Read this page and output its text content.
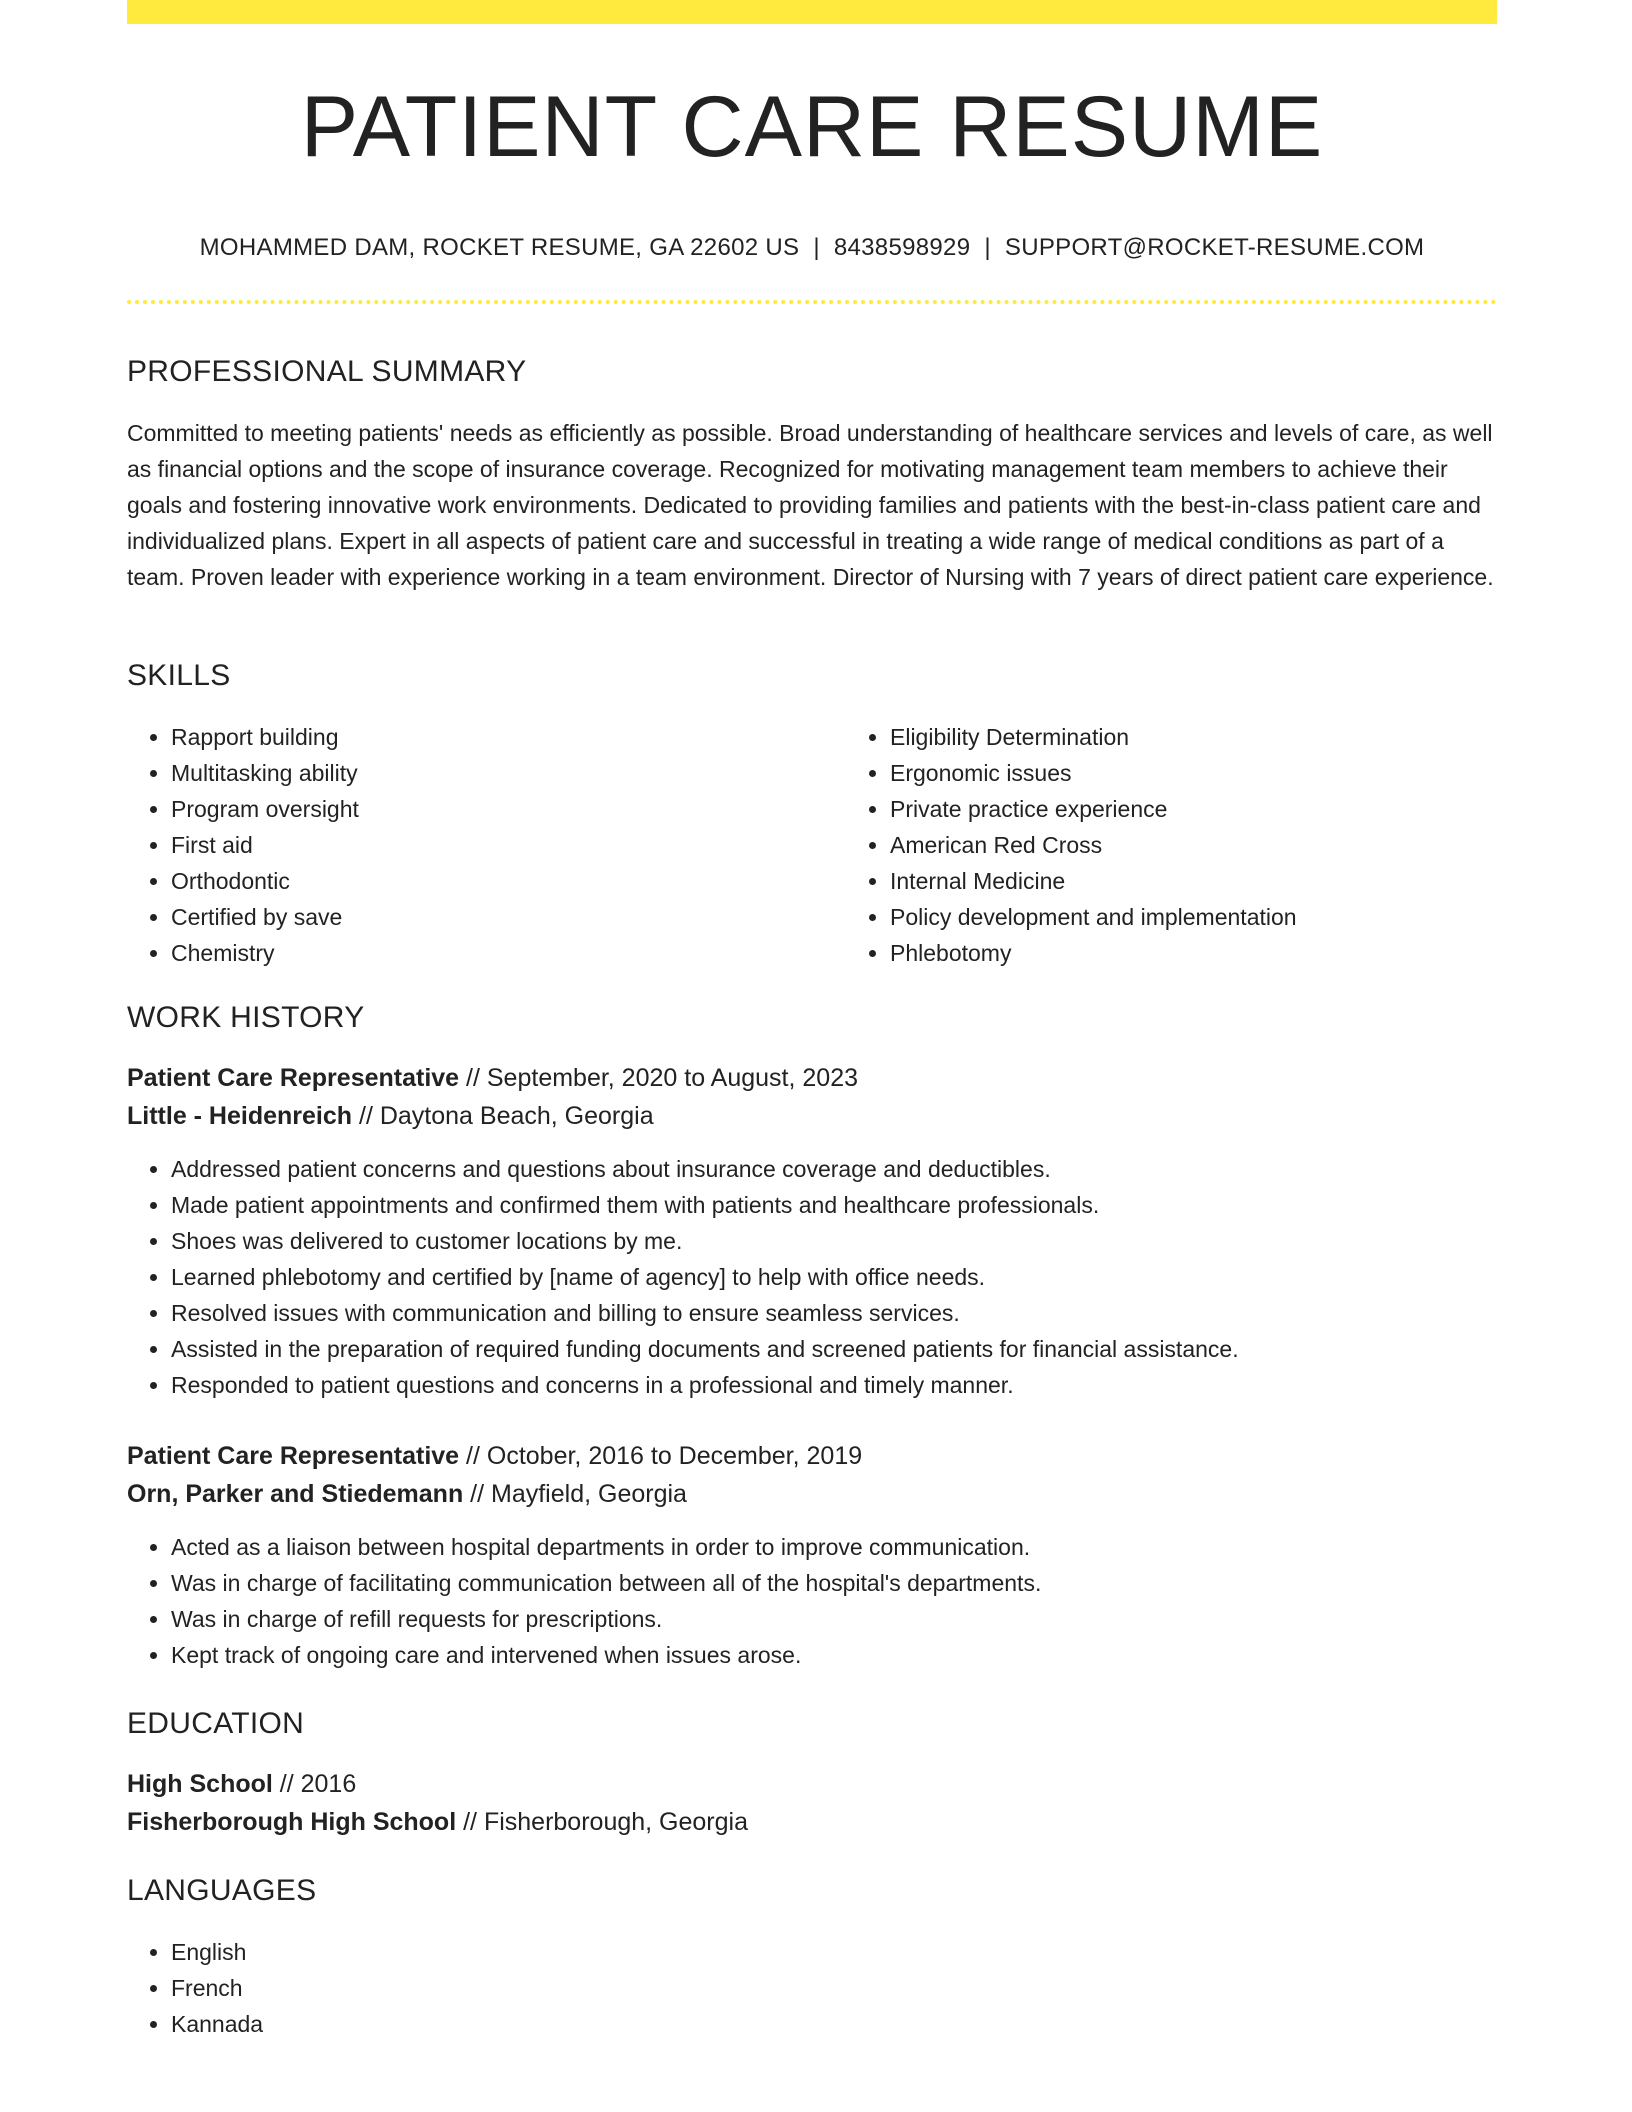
PATIENT CARE RESUME
MOHAMMED DAM, ROCKET RESUME, GA 22602 US | 8438598929 | SUPPORT@ROCKET-RESUME.COM
PROFESSIONAL SUMMARY

Committed to meeting patients' needs as efficiently as possible. Broad understanding of healthcare services and levels of care, as well as financial options and the scope of insurance coverage. Recognized for motivating management team members to achieve their goals and fostering innovative work environments. Dedicated to providing families and patients with the best-in-class patient care and individualized plans. Expert in all aspects of patient care and successful in treating a wide range of medical conditions as part of a team. Proven leader with experience working in a team environment. Director of Nursing with 7 years of direct patient care experience.

SKILLS
• Rapport building
• Multitasking ability
• Program oversight
• First aid
• Orthodontic
• Certified by save
• Chemistry
• Eligibility Determination
• Ergonomic issues
• Private practice experience
• American Red Cross
• Internal Medicine
• Policy development and implementation
• Phlebotomy
WORK HISTORY
Patient Care Representative // September, 2020 to August, 2023
Little - Heidenreich // Daytona Beach, Georgia
• Addressed patient concerns and questions about insurance coverage and deductibles.
• Made patient appointments and confirmed them with patients and healthcare professionals.
• Shoes was delivered to customer locations by me.
• Learned phlebotomy and certified by [name of agency] to help with office needs.
• Resolved issues with communication and billing to ensure seamless services.
• Assisted in the preparation of required funding documents and screened patients for financial assistance.
• Responded to patient questions and concerns in a professional and timely manner.
Patient Care Representative // October, 2016 to December, 2019
Orn, Parker and Stiedemann // Mayfield, Georgia
• Acted as a liaison between hospital departments in order to improve communication.
• Was in charge of facilitating communication between all of the hospital's departments.
• Was in charge of refill requests for prescriptions.
• Kept track of ongoing care and intervened when issues arose.
EDUCATION
High School // 2016
Fisherborough High School // Fisherborough, Georgia
LANGUAGES
• English
• French
• Kannada
